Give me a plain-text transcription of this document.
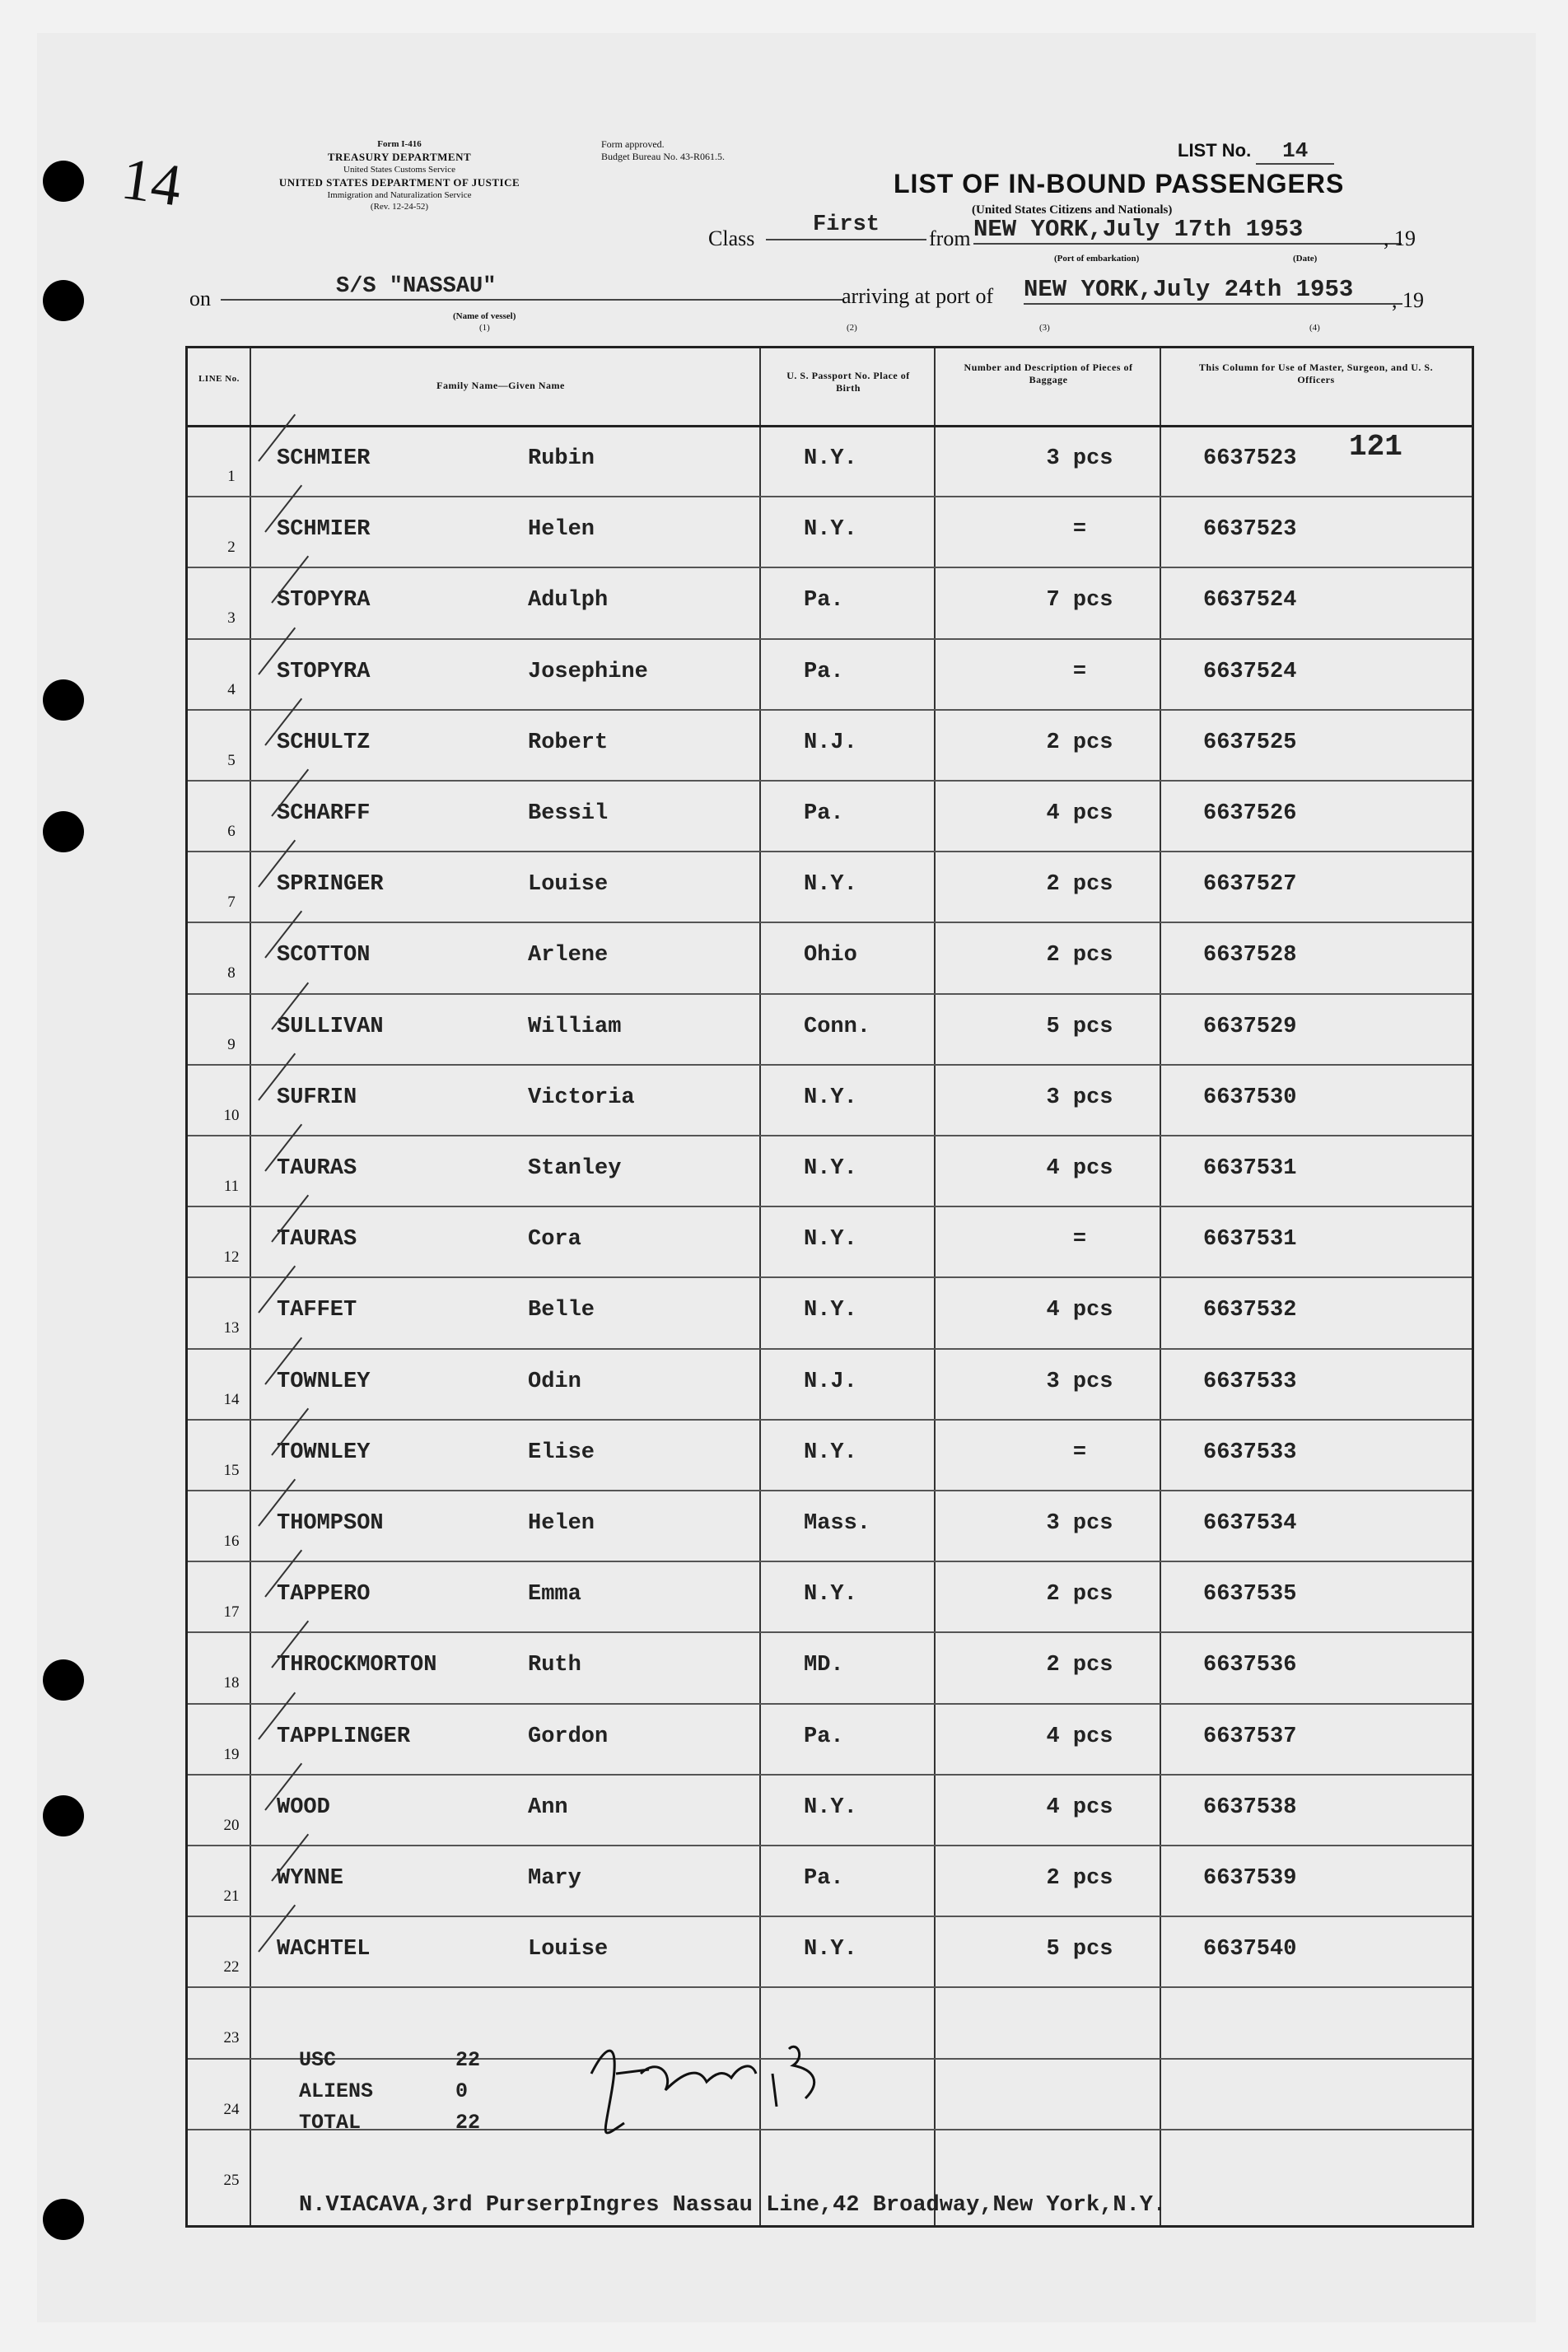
14
Form I-416
TREASURY DEPARTMENT
United States Customs Service
UNITED STATES DEPARTMENT OF JUSTICE
Immigration and Naturalization Service
(Rev. 12-24-52)
Form approved.
Budget Bureau No. 43-R061.5.	LIST No. 14
LIST OF IN-BOUND PASSENGERS
Class
First
from
(United States Citizens and Nationals)
NEW YORK,July 17th 1953	, 19
(Port of embarkation)	(Date)
on	S/S "NASSAU"
(Name of vessel)
(1)
arriving at port of NEW YORK,July 24th 1953	, 19
(2)	(3)	(4)
LINE No.
Family Name—Given Name
U. S. Passport No. Place of Birth
Number and Description of Pieces of Baggage
This Column for Use of Master, Surgeon, and U. S. Officers
1
SCHMIER	Rubin	N.Y.	3 pcs	6637523 121
2
SCHMIER	Helen	N.Y.	=	6637523
3
STOPYRA	Adulph	Pa.	7 pcs	6637524
4
STOPYRA	Josephine	Pa.	=	6637524
5
SCHULTZ	Robert	N.J.	2 pcs	6637525
6
SCHARFF	Bessil	Pa.	4 pcs	6637526
7
SPRINGER	Louise	N.Y.	2 pcs	6637527
8
SCOTTON	Arlene	Ohio	2 pcs	6637528
9
SULLIVAN	William	Conn.	5 pcs	6637529
10
SUFRIN	Victoria	N.Y.	3 pcs	6637530
11
TAURAS	Stanley	N.Y.	4 pcs	6637531
12
TAURAS	Cora	N.Y.	=	6637531
13
TAFFET	Belle	N.Y.	4 pcs	6637532
14
TOWNLEY	Odin	N.J.	3 pcs	6637533
15
TOWNLEY	Elise	N.Y.	=	6637533
16
THOMPSON	Helen	Mass.	3 pcs	6637534
17
TAPPERO	Emma	N.Y.	2 pcs	6637535
18
THROCKMORTON	Ruth	MD.	2 pcs	6637536
19
TAPPLINGER	Gordon	Pa.	4 pcs	6637537
20
WOOD	Ann	N.Y.	4 pcs	6637538
21
WYNNE	Mary	Pa.	2 pcs	6637539
22
WACHTEL	Louise	N.Y.	5 pcs	6637540
23
24
25
USC	22
ALIENS	0
TOTAL	22
N.VIACAVA,3rd PurserpIngres Nassau Line,42 Broadway,New York,N.Y.
